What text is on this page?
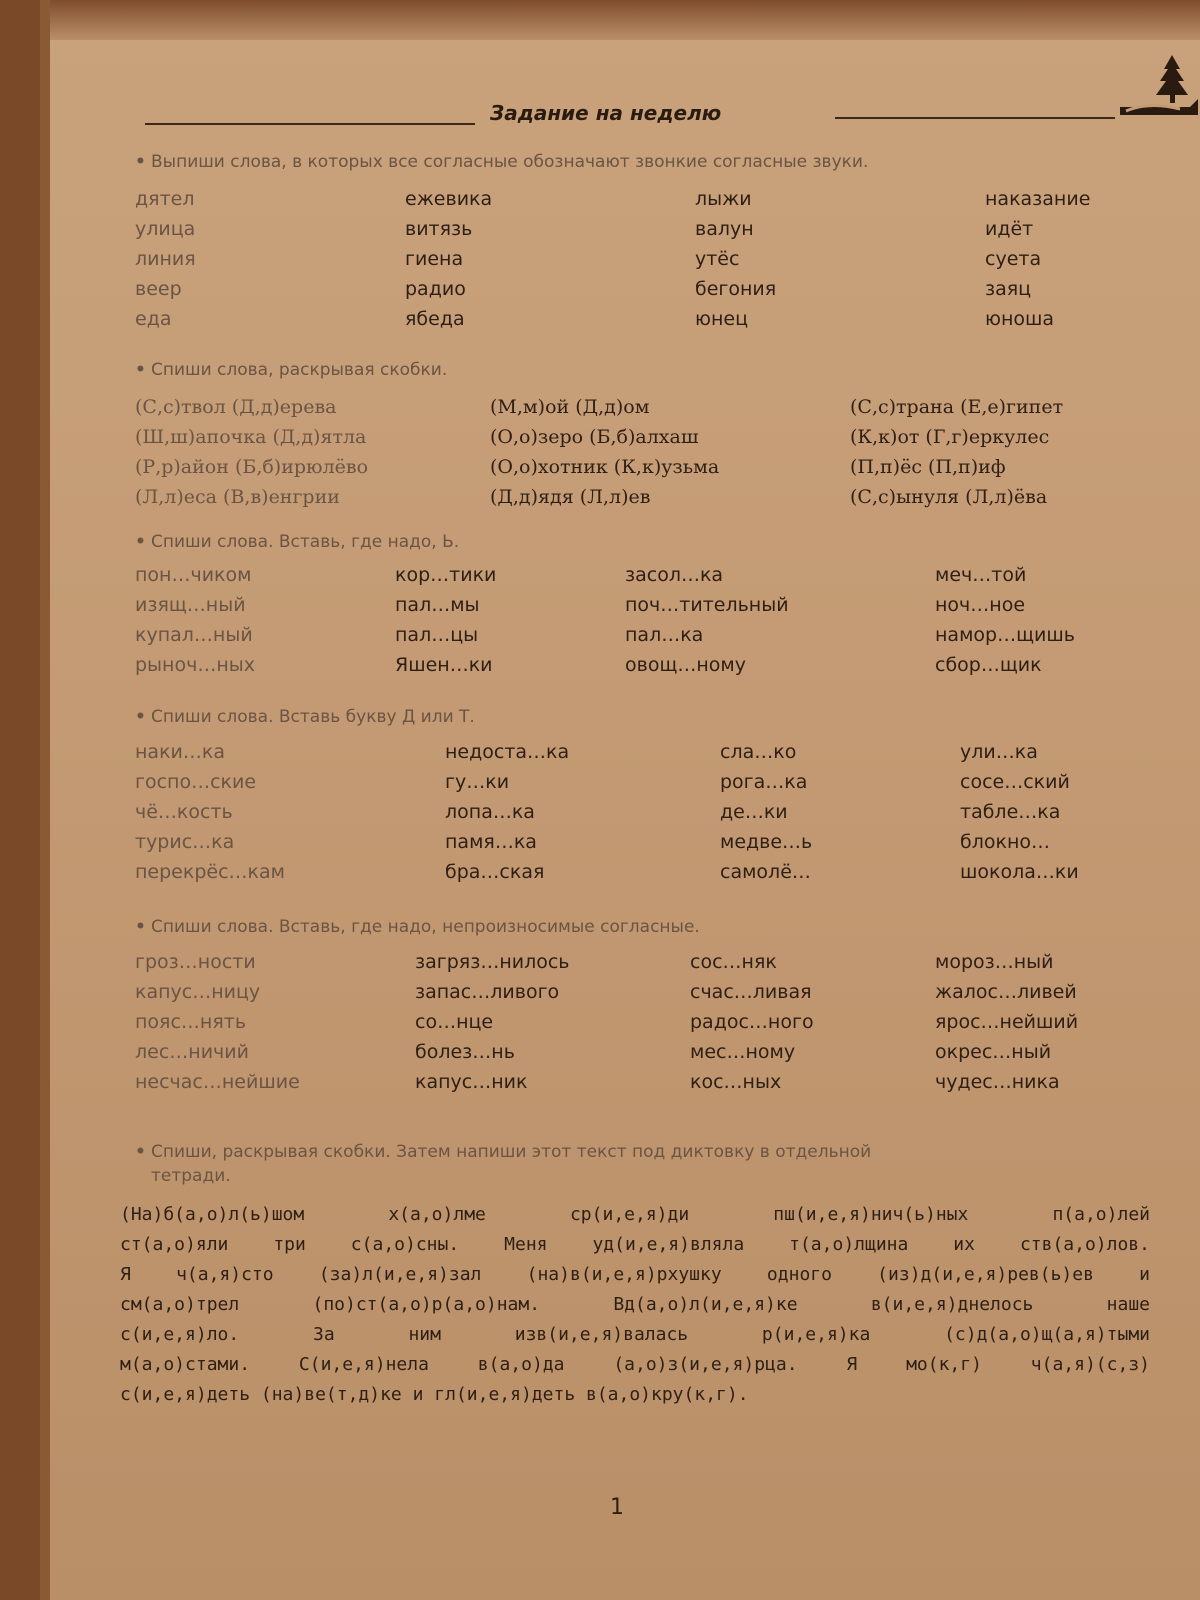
Задание на неделю
• Выпиши слова, в которых все согласные обозначают звонкие согласные звуки.
дятел
улица
линия
веер
еда
ежевика
витязь
гиена
радио
ябеда
лыжи
валун
утёс
бегония
юнец
наказание
идёт
суета
заяц
юноша
• Спиши слова, раскрывая скобки.
(С,с)твол (Д,д)ерева
(Ш,ш)апочка (Д,д)ятла
(Р,р)айон (Б,б)ирюлёво
(Л,л)еса (В,в)енгрии
(М,м)ой (Д,д)ом
(О,о)зеро (Б,б)алхаш
(О,о)хотник (К,к)узьма
(Д,д)ядя (Л,л)ев
(С,с)трана (Е,е)гипет
(К,к)от (Г,г)еркулес
(П,п)ёс (П,п)иф
(С,с)ынуля (Л,л)ёва
• Спиши слова. Вставь, где надо, Ь.
пон…чиком
изящ…ный
купал…ный
рыноч…ных
кор…тики
пал…мы
пал…цы
Яшен…ки
засол…ка
поч…тительный
пал…ка
овощ…ному
меч…той
ноч…ное
намор…щишь
сбор…щик
• Спиши слова. Вставь букву Д или Т.
наки…ка
госпо…ские
чё…кость
турис…ка
перекрёс…кам
недоста…ка
гу…ки
лопа…ка
памя…ка
бра…ская
сла…ко
рога…ка
де…ки
медве…ь
самолё…
ули…ка
сосе…ский
табле…ка
блокно…
шокола…ки
• Спиши слова. Вставь, где надо, непроизносимые согласные.
гроз…ности
капус…ницу
пояс…нять
лес…ничий
несчас…нейшие
загряз…нилось
запас…ливого
со…нце
болез…нь
капус…ник
сос…няк
счас…ливая
радос…ного
мес…ному
кос…ных
мороз…ный
жалос…ливей
ярос…нейший
окрес…ный
чудес…ника
• Спиши, раскрывая скобки. Затем напиши этот текст под диктовку в отдельной
тетради.
(На)б(а,о)л(ь)шом х(а,о)лме ср(и,е,я)ди пш(и,е,я)нич(ь)ных п(а,о)лей
ст(а,о)яли три с(а,о)сны. Меня уд(и,е,я)вляла т(а,о)лщина их ств(а,о)лов.
Я ч(а,я)сто (за)л(и,е,я)зал (на)в(и,е,я)рхушку одного (из)д(и,е,я)рев(ь)ев и
см(а,о)трел (по)ст(а,о)р(а,о)нам. Вд(а,о)л(и,е,я)ке в(и,е,я)днелось наше
с(и,е,я)ло. За ним изв(и,е,я)валась р(и,е,я)ка (с)д(а,о)щ(а,я)тыми
м(а,о)стами. С(и,е,я)нела в(а,о)да (а,о)з(и,е,я)рца. Я мо(к,г) ч(а,я)(с,з)
с(и,е,я)деть (на)ве(т,д)ке и гл(и,е,я)деть в(а,о)кру(к,г).
1
